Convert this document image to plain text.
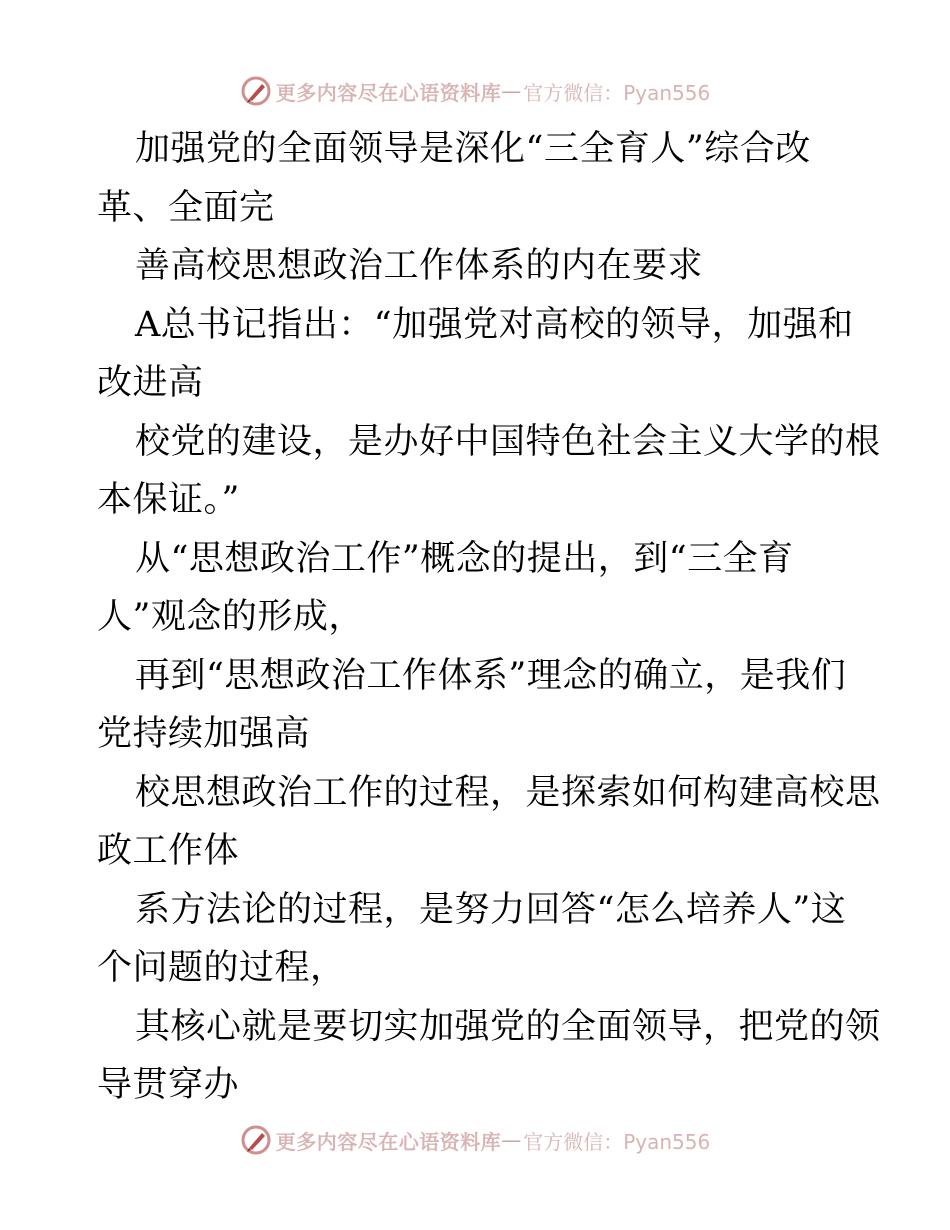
更多内容尽在心语资料库 — 官方微信：Pyan556
加强党的全面领导是深化“三全育人”综合改
革、全面完
善高校思想政治工作体系的内在要求
A总书记指出：“加强党对高校的领导，加强和
改进高
校党的建设，是办好中国特色社会主义大学的根
本保证。”
从“思想政治工作”概念的提出，到“三全育
人”观念的形成，
再到“思想政治工作体系”理念的确立，是我们
党持续加强高
校思想政治工作的过程，是探索如何构建高校思
政工作体
系方法论的过程，是努力回答“怎么培养人”这
个问题的过程，
其核心就是要切实加强党的全面领导，把党的领
导贯穿办
更多内容尽在心语资料库 — 官方微信：Pyan556
